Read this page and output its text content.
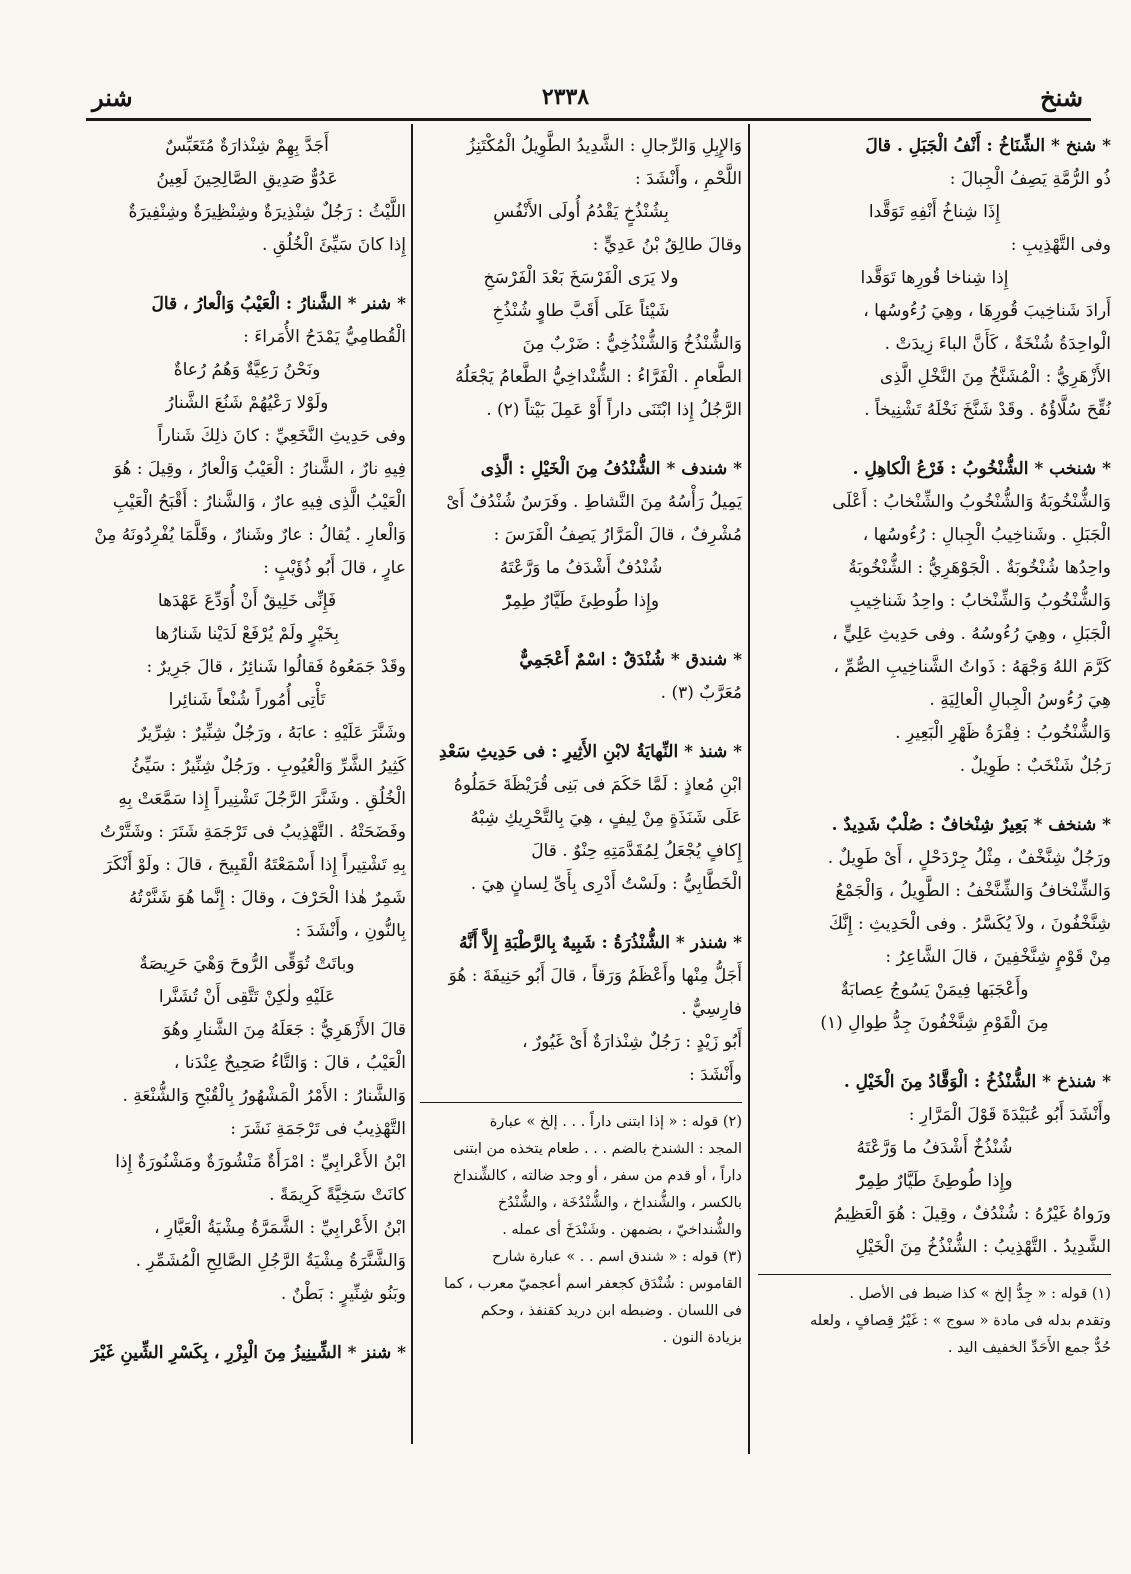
شنخ
٢٣٣٨
شنر

* شنخ * الشِّنَاخُ : أَنْفُ الْجَبَلِ . قالَ

ذُو الرُّمَّةِ يَصِفُ الْجِبالَ :

إِذَا شِناخُ أَنْفِهِ تَوَقَّدا

وفى التَّهْذِيبِ :

إِذا شِناخا قُورِها تَوَقَّدا

أَرادَ شَناخِيبَ قُورِهَا ، وهِيَ رُءُوسُها ،

الْواحِدَةُ شُنْخَةٌ ، كَأَنَّ الباءَ زِيدَتْ .

الأَزْهَرِيُّ : الْمُشَنَّخُ مِنَ النَّخْلِ الَّذِى

نُقِّحَ سُلَّاؤُهُ . وقَدْ شَنَّخَ نَخْلَهُ تَشْنِيخاً .

* شنخب * الشُّنْخُوبُ : فَرْعُ الْكاهِلِ .

وَالشُّنْخُوبَةُ وَالشُّنْخُوبُ والشِّنْخابُ : أَعْلَى

الْجَبَلِ . وشَناخِيبُ الْجِبالِ : رُءُوسُها ،

واحِدُها شُنْخُوبَةٌ . الْجَوْهَرِيُّ : الشُّنْخُوبَةُ

وَالشُّنْخُوبُ وَالشِّنْخابُ : واحِدُ شَناخِيبِ

الْجَبَلِ ، وهِيَ رُءُوسُهُ . وفى حَدِيثِ عَلِيٍّ ،

كَرَّمَ اللهُ وَجْهَهُ : ذَواتُ الشَّناخِيبِ الصُّمِّ ،

هِيَ رُءُوسُ الْجِبالِ الْعالِيَةِ .

وَالشُّنْخُوبُ : فِقْرَةُ ظَهْرِ الْبَعِيرِ .

رَجُلٌ شَنْخَبٌ : طَوِيلٌ .

* شنخف * بَعِيرٌ شِنْخافٌ : صُلْبٌ شَدِيدٌ .

ورَجُلٌ شِنَّخْفٌ ، مِثْلُ جِرْدَحْلٍ ، أَىْ طَوِيلٌ .

وَالشِّنْخافُ وَالشِّنَّخْفُ : الطَّوِيلُ ، وَالْجَمْعُ

شِنَّخْفُونَ ، ولاَ يُكَسَّرُ . وفى الْحَدِيثِ : إِنَّكَ

مِنْ قَوْمٍ شِنَّخْفِينَ ، قالَ الشَّاعِرُ :

وأَعْجَبَها فِيمَنْ يَسُوجُ عِصابَةٌ

مِنَ الْقَوْمِ شِنَّخْفُونَ جِدُّ طِوالِ (١)

* شنذخ * الشُّنْذُخُ : الْوَقَّادُ مِنَ الْخَيْلِ .

وأَنْشَدَ أَبُو عُبَيْدَةَ قَوْلَ الْمَرَّارِ :

شُنْذُخٌ أَشْدَفُ ما وَرَّعْتَهُ

وإِذا طُوطِئَ طَيَّارٌ طِمِرّْ

ورَواهُ غَيْرُهُ : شُنْدُفٌ ، وقِيلَ : هُوَ الْعَظِيمُ

الشَّدِيدُ . التَّهْذِيبُ : الشُّنْذُخُ مِنَ الْخَيْلِ

(١) قوله : « جِدُّ إلخ » كذا ضبط فى الأصل .

وتقدم بدله فى مادة « سوج » : غَيْرُ قِصافٍ ، ولعله

حُدٌّ جمع الأَحَدِّ الخفيف اليد .

وَالإِبِلِ وَالرِّجالِ : الشَّدِيدُ الطَّوِيلُ الْمُكْتَنِزُ

اللَّحْمِ ، وأَنْشَدَ :

بِشُنْذُخٍ يَقْدُمُ أُولَى الأَنْفُسِ

وقالَ طالِقُ بْنُ عَدِيٍّ :

ولا يَرَى الْفَرْسَخَ بَعْدَ الْفَرْسَخِ

شَيْئاً عَلَى أَقَبَّ طاوٍ شُنْذُخِ

وَالشُّنْذُخُ وَالشُّنْذُخِيُّ : ضَرْبٌ مِنَ

الطَّعامِ . الْفَرَّاءُ : الشُّنْداخِيُّ الطَّعامُ يَجْعَلُهُ

الرَّجُلُ إِذا ابْتَنَى داراً أَوْ عَمِلَ بَيْتاً (٢) .

* شندف * الشُّنْدُفُ مِنَ الْخَيْلِ : الَّذِى

يَمِيلُ رَأْسُهُ مِنَ النَّشاطِ . وفَرَسٌ شُنْدُفٌ أَىْ

مُشْرِفٌ ، قالَ الْمَرَّارُ يَصِفُ الْفَرَسَ :

شُنْدُفٌ أَشْدَفُ ما وَرَّعْتَهُ

وإِذا طُوطِئَ طَيَّارٌ طِمِرّْ

* شندق * شُنْدَقٌ : اسْمٌ أَعْجَمِيٌّ

مُعَرَّبٌ (٣) .

* شنذ * النِّهايَةُ لابْنِ الأَثِيرِ : فى حَدِيثِ سَعْدِ

ابْنِ مُعاذٍ : لَمَّا حَكَمَ فى بَنِى قُرَيْظَةَ حَمَلُوهُ

عَلَى شَنَذَةٍ مِنْ لِيفٍ ، هِيَ بِالتَّحْرِيكِ شِبْهُ

إِكافٍ يُجْعَلُ لِمُقَدَّمَتِهِ حِنْوٌ . قالَ

الْخَطَّابِيُّ : ولَسْتُ أَدْرِى بِأَىِّ لِسانٍ هِيَ .

* شنذر * الشُّنْذُرَةُ : شَبِيهٌ بِالرَّطْبَةِ إِلاَّ أَنَّهُ

أَجَلُّ مِنْها وأَعْظَمُ وَرَقاً ، قالَ أَبُو حَنِيفَةَ : هُوَ

فارِسِيٌّ .

أَبُو زَيْدٍ : رَجُلٌ شِنْذارَةٌ أَىْ غَيُورٌ ،

وأَنْشَدَ :

(٢) قوله : « إذا ابتنى داراً . . . إلخ » عبارة

المجد : الشندخ بالضم . . . طعام يتخذه من ابتنى

داراً ، أو قدم من سفر ، أو وجد ضالته ، كالشِّنداخ

بالكسر ، والشُّنداخ ، والشُّنْدُخَة ، والشُّنْدُخ

والشُّنداخيّ ، بضمهن . وشَنْدَخَ أى عمله .

(٣) قوله : « شندق اسم . . » عبارة شارح

القاموس : شُنْدَق كجعفر اسم أعجميّ معرب ، كما

فى اللسان . وضبطه ابن دريد كقنفذ ، وحكم

بزيادة النون .

أَجَدَّ بِهِمْ شِنْذارَةٌ مُتَعَبِّسٌ

عَدُوٌّ صَدِيقِ الصَّالِحِينَ لَعِينُ

اللَّيْثُ : رَجُلٌ شِنْذِيرَةٌ وشِنْظِيرَةٌ وشِنْفِيرَةٌ

إِذا كانَ سَيِّئَ الْخُلُقِ .

* شنر * الشَّنارُ : الْعَيْبُ وَالْعارُ ، قالَ

الْقُطامِيُّ يَمْدَحُ الأُمَراءَ :

ونَحْنُ رَعِيَّةٌ وَهُمُ رُعاةٌ

ولَوْلا رَعْيُهُمْ شَنُعَ الشَّنارُ

وفى حَدِيثِ النَّخَعِيِّ : كانَ ذلِكَ شَناراً

فِيهِ نارٌ ، الشَّنارُ : الْعَيْبُ وَالْعارُ ، وقِيلَ : هُوَ

الْعَيْبُ الَّذِى فِيهِ عارٌ ، وَالشَّنارُ : أَقْبَحُ الْعَيْبِ

وَالْعارِ . يُقالُ : عارٌ وشَنارٌ ، وقَلَّمَا يُفْرِدُونَهُ مِنْ

عارٍ ، قالَ أَبُو ذُؤَيْبٍ :

فَإِنِّى خَلِيقٌ أَنْ أُوَدِّعَ عَهْدَها

بِخَيْرٍ ولَمْ يُرْفَعْ لَدَيْنا شَنارُها

وقَدْ جَمَعُوهُ فَقالُوا شَنائِرُ ، قالَ جَرِيرٌ :

تَأْتِى أُمُوراً شُنْعاً شَنائِرا

وشَنَّرَ عَلَيْهِ : عابَهُ ، ورَجُلٌ شِنِّيرٌ : شِرِّيرٌ

كَثِيرُ الشَّرِّ وَالْعُيُوبِ . ورَجُلٌ شِنِّيرٌ : سَيِّئُ

الْخُلُقِ . وشَنَّرَ الرَّجُلَ تَشْنِيراً إِذا سَمَّعَتْ بِهِ

وفَضَحَتْهُ . التَّهْذِيبُ فى تَرْجَمَةِ شَتَرَ : وشَتَّرْتُ

بِهِ تَشْتِيراً إِذا أَسْمَعْتَهُ الْقَبِيحَ ، قالَ : ولَوْ أَنْكَرَ

شَمِرٌ هٰذا الْحَرْفَ ، وقالَ : إِنَّما هُوَ شَنَّرْتُهُ

بِالنُّونِ ، وأَنْشَدَ :

وباتَتْ تُوَقِّى الرُّوحَ وَهْيَ حَرِيصَةٌ

عَلَيْهِ ولٰكِنْ تَتَّقِى أَنْ تُشَنَّرا

قالَ الأَزْهَرِيُّ : جَعَلَهُ مِنَ الشَّنارِ وهُوَ

الْعَيْبُ ، قالَ : وَالتَّاءُ صَحِيحٌ عِنْدَنا ،

وَالشَّنارُ : الأَمْرُ الْمَشْهُورُ بِالْقُبْحِ وَالشُّنْعَةِ .

التَّهْذِيبُ فى تَرْجَمَةِ نَشَرَ :

ابْنُ الأَعْرابِيِّ : امْرَأَةٌ مَنْشُورَةٌ ومَشْنُورَةٌ إِذا

كانَتْ سَخِيَّةً كَرِيمَةً .

ابْنُ الأَعْرابِيِّ : الشَّمَرَّةُ مِشْيَةُ الْعَيَّارِ ،

وَالشَّنَّرَةُ مِشْيَةُ الرَّجُلِ الصَّالِحِ الْمُشَمِّرِ .

وبَنُو شِنِّيرٍ : بَطْنٌ .

* شنز * الشِّينِيزُ مِنَ الْبِزْرِ ، بِكَسْرِ الشِّينِ غَيْرَ
